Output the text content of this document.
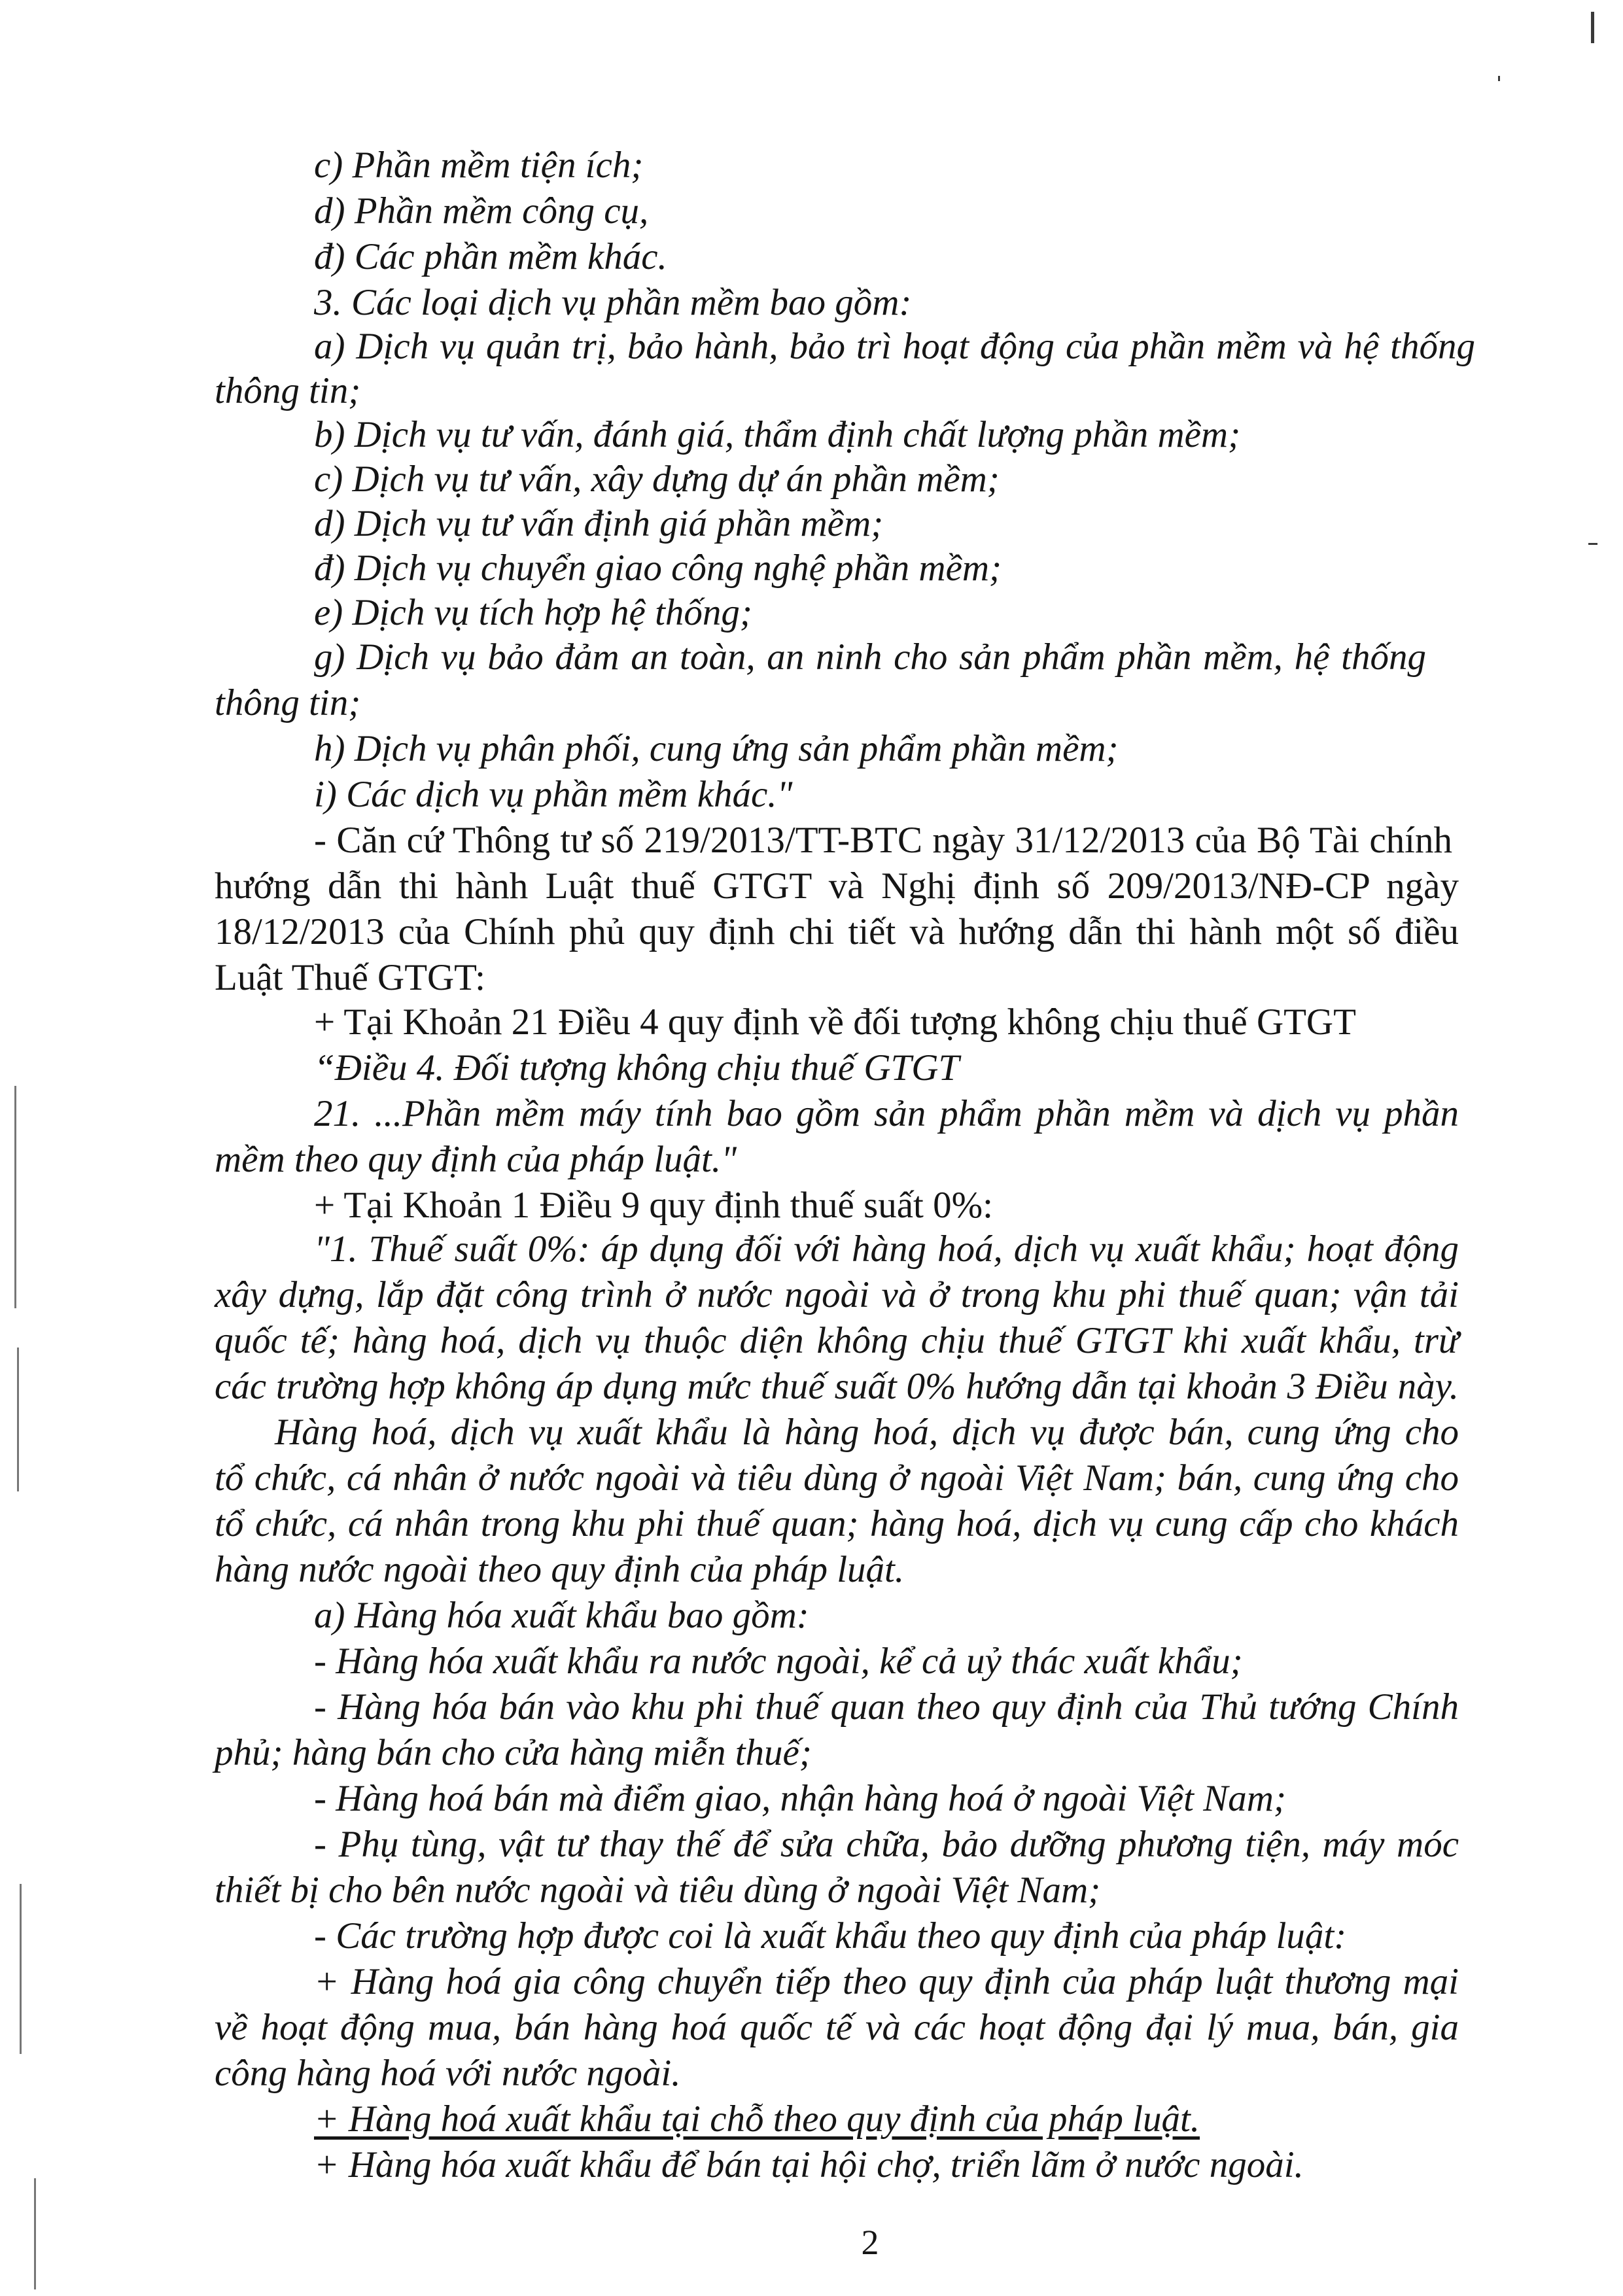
c) Phần mềm tiện ích;
d) Phần mềm công cụ,
đ) Các phần mềm khác.
3. Các loại dịch vụ phần mềm bao gồm:
a) Dịch vụ quản trị, bảo hành, bảo trì hoạt động của phần mềm và hệ thống
thông tin;
b) Dịch vụ tư vấn, đánh giá, thẩm định chất lượng phần mềm;
c) Dịch vụ tư vấn, xây dựng dự án phần mềm;
d) Dịch vụ tư vấn định giá phần mềm;
đ) Dịch vụ chuyển giao công nghệ phần mềm;
e) Dịch vụ tích hợp hệ thống;
g) Dịch vụ bảo đảm an toàn, an ninh cho sản phẩm phần mềm, hệ thống
thông tin;
h) Dịch vụ phân phối, cung ứng sản phẩm phần mềm;
i) Các dịch vụ phần mềm khác."
- Căn cứ Thông tư số 219/2013/TT-BTC ngày 31/12/2013 của Bộ Tài chính
hướng dẫn thi hành Luật thuế GTGT và Nghị định số 209/2013/NĐ-CP ngày
18/12/2013 của Chính phủ quy định chi tiết và hướng dẫn thi hành một số điều
Luật Thuế GTGT:
+ Tại Khoản 21 Điều 4 quy định về đối tượng không chịu thuế GTGT
“Điều 4. Đối tượng không chịu thuế GTGT
21. ...Phần mềm máy tính bao gồm sản phẩm phần mềm và dịch vụ phần
mềm theo quy định của pháp luật."
+ Tại Khoản 1 Điều 9 quy định thuế suất 0%:
"1. Thuế suất 0%: áp dụng đối với hàng hoá, dịch vụ xuất khẩu; hoạt động
xây dựng, lắp đặt công trình ở nước ngoài và ở trong khu phi thuế quan; vận tải
quốc tế; hàng hoá, dịch vụ thuộc diện không chịu thuế GTGT khi xuất khẩu, trừ
các trường hợp không áp dụng mức thuế suất 0% hướng dẫn tại khoản 3 Điều này.
Hàng hoá, dịch vụ xuất khẩu là hàng hoá, dịch vụ được bán, cung ứng cho
tổ chức, cá nhân ở nước ngoài và tiêu dùng ở ngoài Việt Nam; bán, cung ứng cho
tổ chức, cá nhân trong khu phi thuế quan; hàng hoá, dịch vụ cung cấp cho khách
hàng nước ngoài theo quy định của pháp luật.
a) Hàng hóa xuất khẩu bao gồm:
- Hàng hóa xuất khẩu ra nước ngoài, kể cả uỷ thác xuất khẩu;
- Hàng hóa bán vào khu phi thuế quan theo quy định của Thủ tướng Chính
phủ; hàng bán cho cửa hàng miễn thuế;
- Hàng hoá bán mà điểm giao, nhận hàng hoá ở ngoài Việt Nam;
- Phụ tùng, vật tư thay thế để sửa chữa, bảo dưỡng phương tiện, máy móc
thiết bị cho bên nước ngoài và tiêu dùng ở ngoài Việt Nam;
- Các trường hợp được coi là xuất khẩu theo quy định của pháp luật:
+ Hàng hoá gia công chuyển tiếp theo quy định của pháp luật thương mại
về hoạt động mua, bán hàng hoá quốc tế và các hoạt động đại lý mua, bán, gia
công hàng hoá với nước ngoài.
+ Hàng hoá xuất khẩu tại chỗ theo quy định của pháp luật.
+ Hàng hóa xuất khẩu để bán tại hội chợ, triển lãm ở nước ngoài.
2
